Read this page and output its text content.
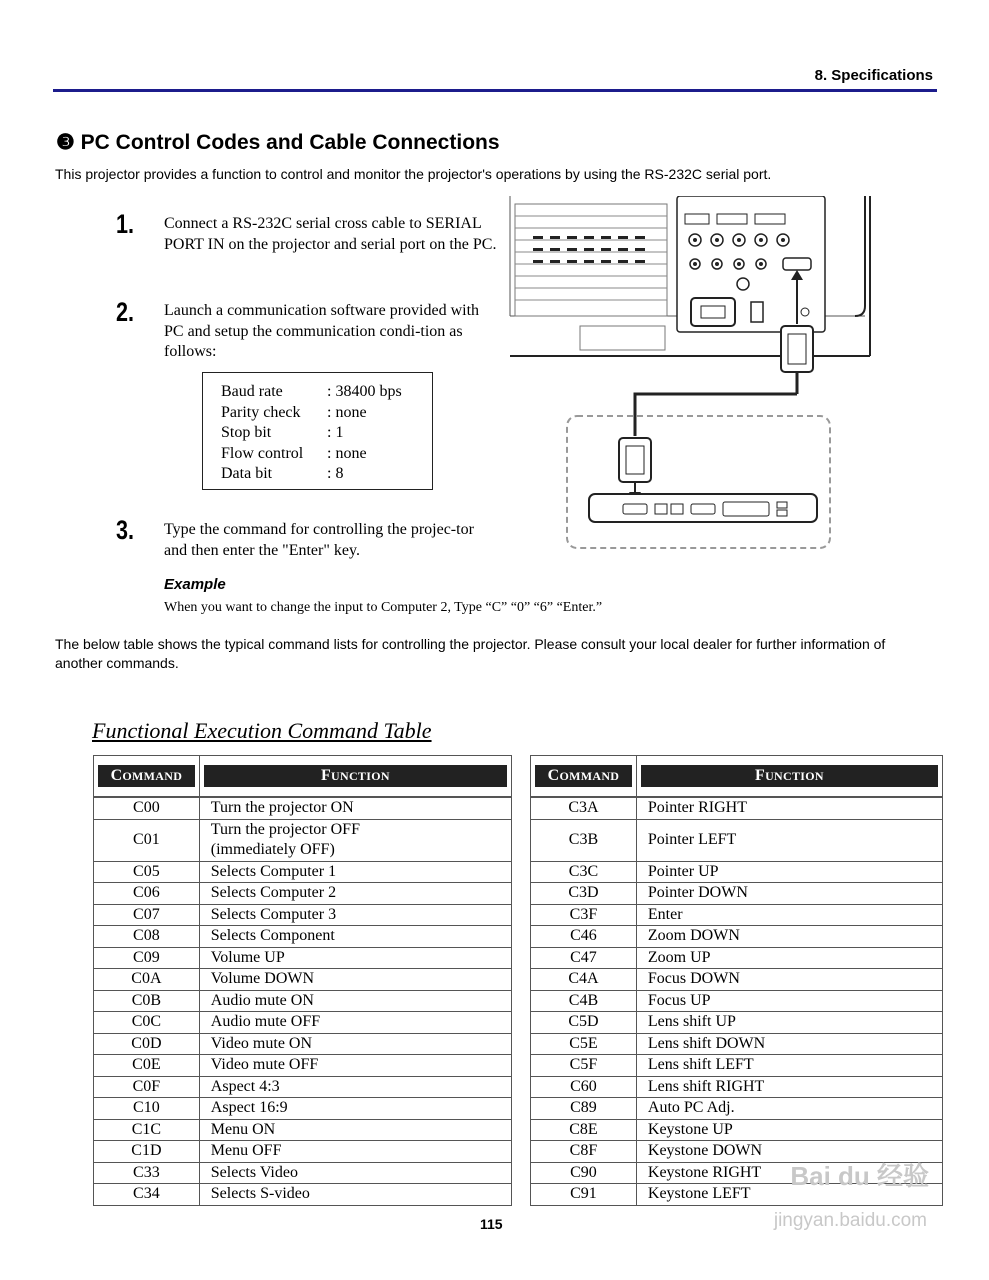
8. Specifications
❸ PC Control Codes and Cable Connections
This projector provides a function to control and monitor the projector's operations by using the RS-232C serial port.
1. Connect a RS-232C serial cross cable to SERIAL PORT IN on the projector and serial port on the PC.
2. Launch a communication software provided with PC and setup the communication condi-tion as follows:
Baud rate	: 38400 bps
Parity check	: none
Stop bit	: 1
Flow control	: none
Data bit	: 8
3. Type the command for controlling the projec-tor and then enter the "Enter" key.
Example
When you want to change the input to Computer 2, Type “C” “0” “6” “Enter.”
The below table shows the typical command lists for controlling the projector. Please consult your local dealer for further information of another commands.
Functional Execution Command Table
COMMAND	FUNCTION

C00	Turn the projector ON
C01	Turn the projector OFF (immediately OFF)
C05	Selects Computer 1
C06	Selects Computer 2
C07	Selects Computer 3
C08	Selects Component
C09	Volume UP
C0A	Volume DOWN
C0B	Audio mute ON
C0C	Audio mute OFF
C0D	Video mute ON
C0E	Video mute OFF
C0F	Aspect 4:3
C10	Aspect 16:9
C1C	Menu ON
C1D	Menu OFF
C33	Selects Video
C34	Selects S-video
COMMAND	FUNCTION

C3A	Pointer RIGHT
C3B	Pointer LEFT
C3C	Pointer UP
C3D	Pointer DOWN
C3F	Enter
C46	Zoom DOWN
C47	Zoom UP
C4A	Focus DOWN
C4B	Focus UP
C5D	Lens shift UP
C5E	Lens shift DOWN
C5F	Lens shift LEFT
C60	Lens shift RIGHT
C89	Auto PC Adj.
C8E	Keystone UP
C8F	Keystone DOWN
C90	Keystone RIGHT
C91	Keystone LEFT
115
Bai du 经验
jingyan.baidu.com
